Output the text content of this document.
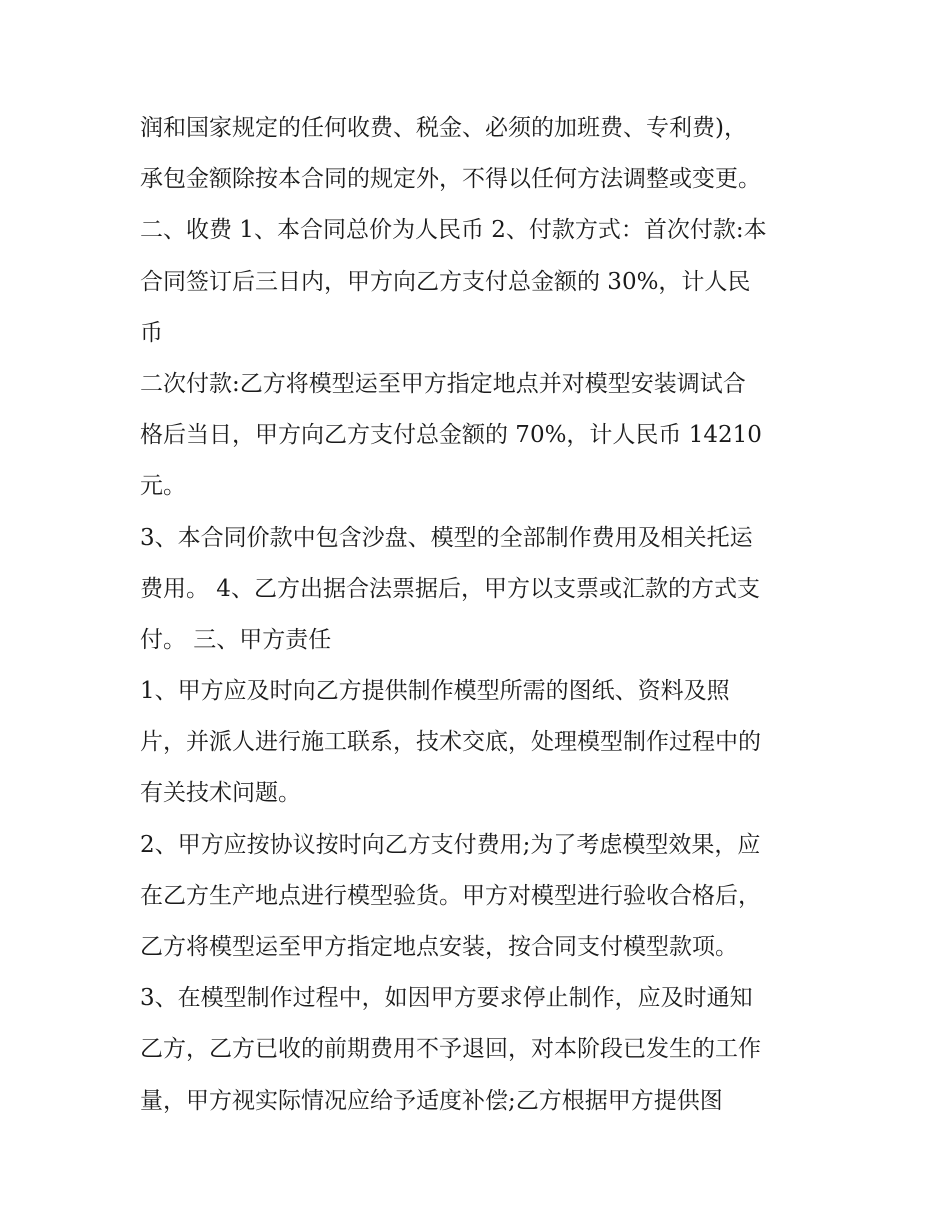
润和国家规定的任何收费、税金、必须的加班费、专利费)，
承包金额除按本合同的规定外，不得以任何方法调整或变更。
二、收费 1、本合同总价为人民币 2、付款方式：首次付款:本
合同签订后三日内，甲方向乙方支付总金额的 30%，计人民
币
二次付款:乙方将模型运至甲方指定地点并对模型安装调试合
格后当日，甲方向乙方支付总金额的 70%，计人民币 14210
元。
3、本合同价款中包含沙盘、模型的全部制作费用及相关托运
费用。 4、乙方出据合法票据后，甲方以支票或汇款的方式支
付。 三、甲方责任
1、甲方应及时向乙方提供制作模型所需的图纸、资料及照
片，并派人进行施工联系，技术交底，处理模型制作过程中的
有关技术问题。
2、甲方应按协议按时向乙方支付费用;为了考虑模型效果，应
在乙方生产地点进行模型验货。甲方对模型进行验收合格后，
乙方将模型运至甲方指定地点安装，按合同支付模型款项。
3、在模型制作过程中，如因甲方要求停止制作，应及时通知
乙方，乙方已收的前期费用不予退回，对本阶段已发生的工作
量，甲方视实际情况应给予适度补偿;乙方根据甲方提供图
